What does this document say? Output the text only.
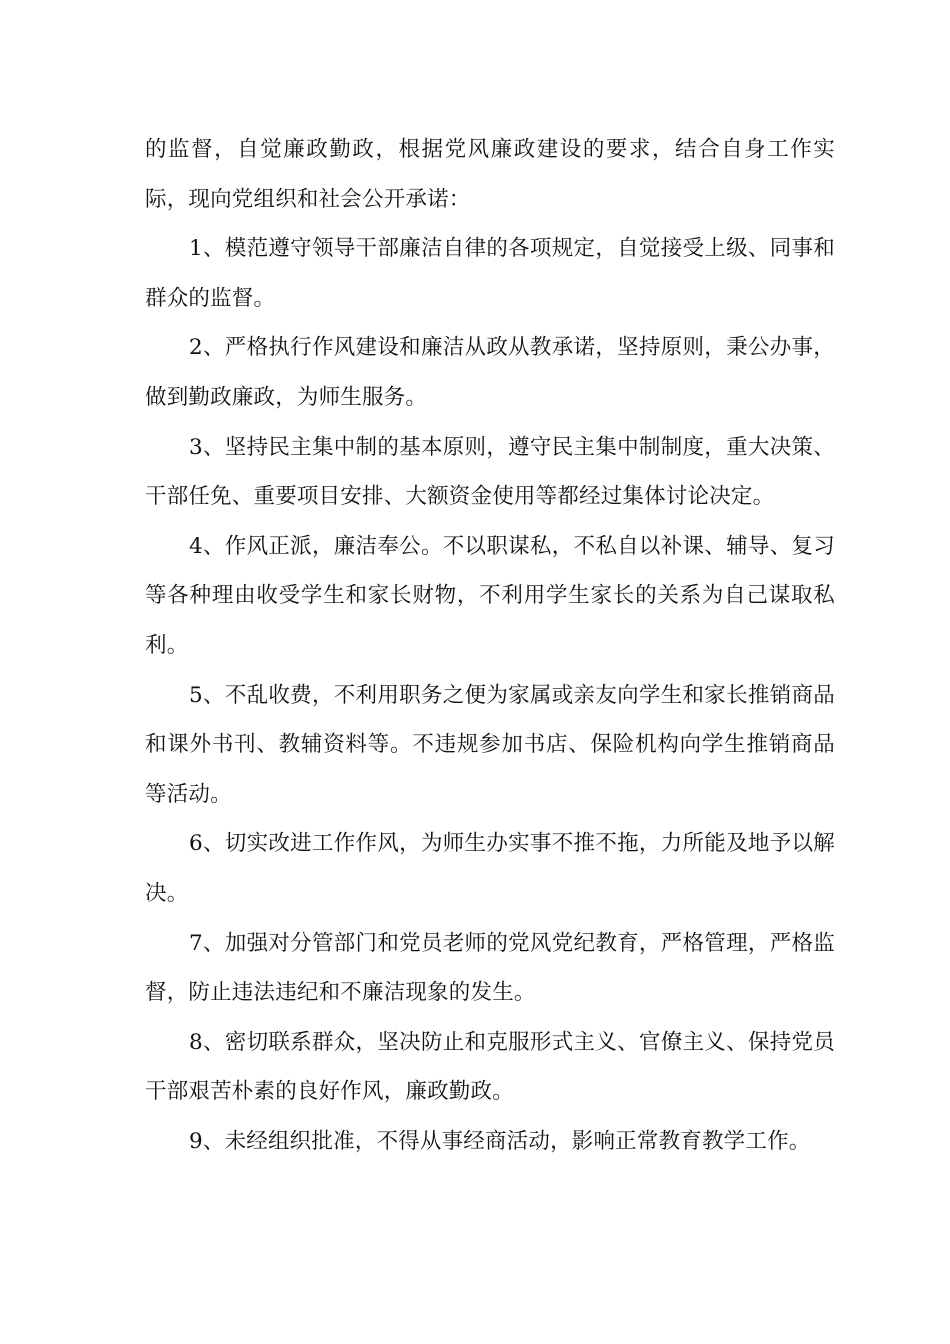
的监督，自觉廉政勤政，根据党风廉政建设的要求，结合自身工作实际，现向党组织和社会公开承诺：

1、模范遵守领导干部廉洁自律的各项规定，自觉接受上级、同事和群众的监督。

2、严格执行作风建设和廉洁从政从教承诺，坚持原则，秉公办事，做到勤政廉政，为师生服务。

3、坚持民主集中制的基本原则，遵守民主集中制制度，重大决策、干部任免、重要项目安排、大额资金使用等都经过集体讨论决定。

4、作风正派，廉洁奉公。不以职谋私，不私自以补课、辅导、复习等各种理由收受学生和家长财物，不利用学生家长的关系为自己谋取私利。

5、不乱收费，不利用职务之便为家属或亲友向学生和家长推销商品和课外书刊、教辅资料等。不违规参加书店、保险机构向学生推销商品等活动。

6、切实改进工作作风，为师生办实事不推不拖，力所能及地予以解决。

7、加强对分管部门和党员老师的党风党纪教育，严格管理，严格监督，防止违法违纪和不廉洁现象的发生。

8、密切联系群众，坚决防止和克服形式主义、官僚主义、保持党员干部艰苦朴素的良好作风，廉政勤政。

9、未经组织批准，不得从事经商活动，影响正常教育教学工作。
